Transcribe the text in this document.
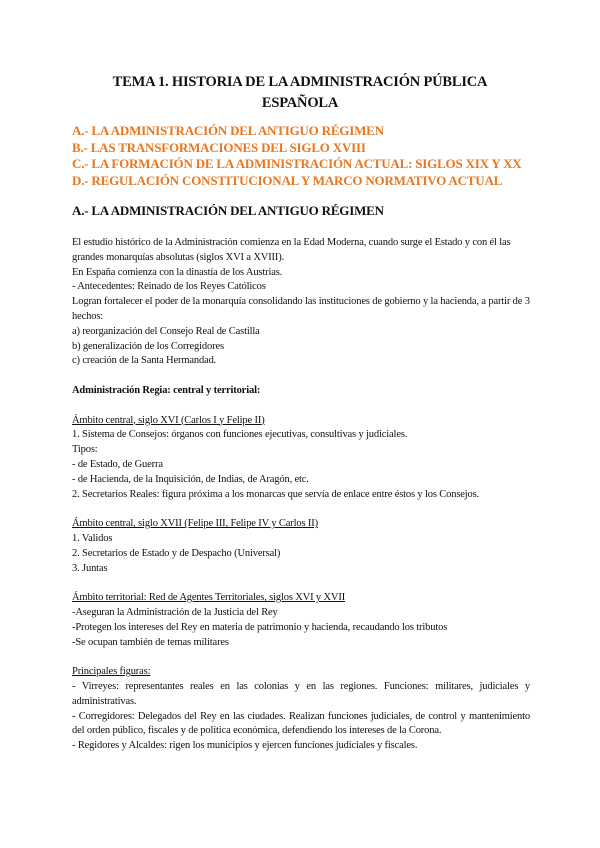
TEMA 1. HISTORIA DE LA ADMINISTRACIÓN PÚBLICA
ESPAÑOLA
A.- LA ADMINISTRACIÓN DEL ANTIGUO RÉGIMEN
B.- LAS TRANSFORMACIONES DEL SIGLO XVIII
C.- LA FORMACIÓN DE LA ADMINISTRACIÓN ACTUAL: SIGLOS XIX Y XX
D.- REGULACIÓN CONSTITUCIONAL Y MARCO NORMATIVO ACTUAL
A.- LA ADMINISTRACIÓN DEL ANTIGUO RÉGIMEN

El estudio histórico de la Administración comienza en la Edad Moderna, cuando surge el Estado y con él las grandes monarquías absolutas (siglos XVI a XVIII).

En España comienza con la dinastía de los Austrias.

- Antecedentes: Reinado de los Reyes Católicos

Logran fortalecer el poder de la monarquía consolidando las instituciones de gobierno y la hacienda, a partir de 3 hechos:

a) reorganización del Consejo Real de Castilla

b) generalización de los Corregidores

c) creación de la Santa Hermandad.

Administración Regia: central y territorial:

Ámbito central, siglo XVI (Carlos I y Felipe II)

1. Sistema de Consejos: órganos con funciones ejecutivas, consultivas y judiciales.

Tipos:

- de Estado, de Guerra

- de Hacienda, de la Inquisición, de Indias, de Aragón, etc.

2. Secretarios Reales: figura próxima a los monarcas que servía de enlace entre éstos y los Consejos.

Ámbito central, siglo XVII (Felipe III, Felipe IV y Carlos II)

1. Validos

2. Secretarios de Estado y de Despacho (Universal)

3. Juntas

Ámbito territorial: Red de Agentes Territoriales, siglos XVI y XVII

-Aseguran la Administración de la Justicia del Rey

-Protegen los intereses del Rey en materia de patrimonio y hacienda, recaudando los tributos

-Se ocupan también de temas militares

Principales figuras:

- Virreyes: representantes reales en las colonias y en las regiones. Funciones: militares, judiciales y administrativas.

- Corregidores: Delegados del Rey en las ciudades. Realizan funciones judiciales, de control y mantenimiento del orden público, fiscales y de política económica, defendiendo los intereses de la Corona.

- Regidores y Alcaldes: rigen los municipios y ejercen funciones judiciales y fiscales.
